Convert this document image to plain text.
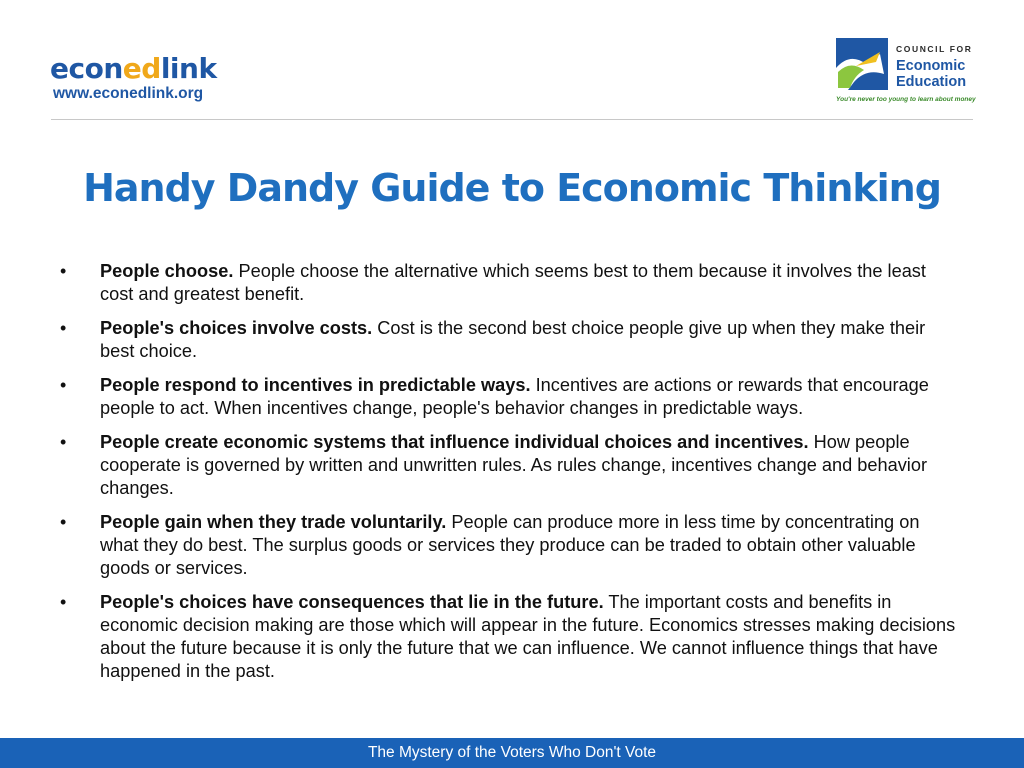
econedlink
www.econedlink.org
COUNCIL FOR
Economic
Education
You're never too young to learn about money
Handy Dandy Guide to Economic Thinking
• People choose. People choose the alternative which seems best to them because it involves the least cost and greatest benefit.
• People's choices involve costs. Cost is the second best choice people give up when they make their best choice.
• People respond to incentives in predictable ways. Incentives are actions or rewards that encourage people to act. When incentives change, people's behavior changes in predictable ways.
• People create economic systems that influence individual choices and incentives. How people cooperate is governed by written and unwritten rules. As rules change, incentives change and behavior changes.
• People gain when they trade voluntarily. People can produce more in less time by concentrating on what they do best. The surplus goods or services they produce can be traded to obtain other valuable goods or services.
• People's choices have consequences that lie in the future. The important costs and benefits in economic decision making are those which will appear in the future. Economics stresses making decisions about the future because it is only the future that we can influence. We cannot influence things that have happened in the past.
The Mystery of the Voters Who Don't Vote
